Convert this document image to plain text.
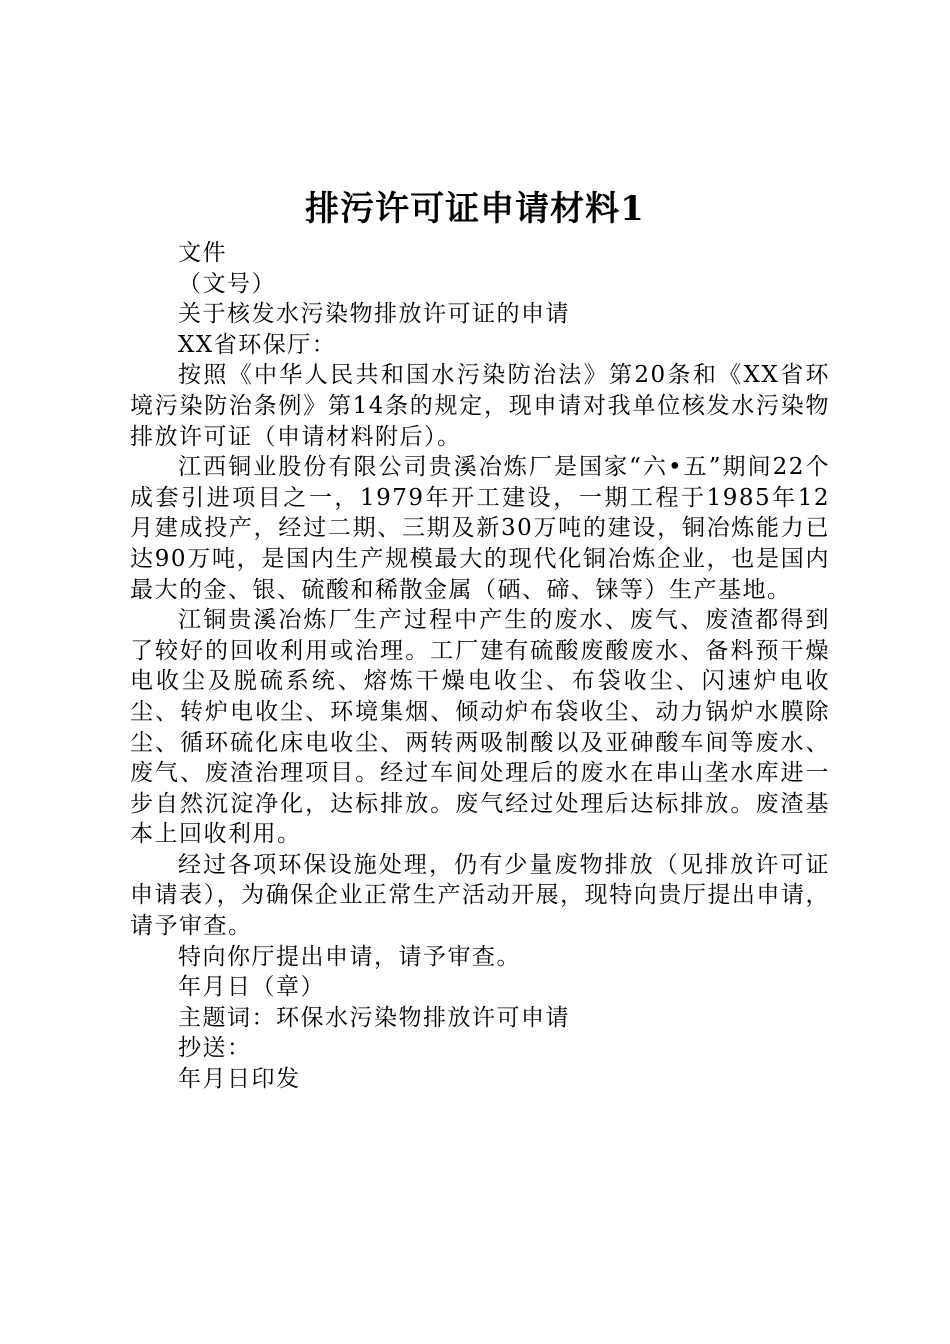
排污许可证申请材料1

文件

（文号）

关于核发水污染物排放许可证的申请

XX省环保厅：

按照《中华人民共和国水污染防治法》第20条和《XX省环境污染防治条例》第14条的规定，现申请对我单位核发水污染物排放许可证（申请材料附后）。

江西铜业股份有限公司贵溪冶炼厂是国家“六•五”期间22个成套引进项目之一，1979年开工建设，一期工程于1985年12月建成投产，经过二期、三期及新30万吨的建设，铜冶炼能力已达90万吨，是国内生产规模最大的现代化铜冶炼企业，也是国内最大的金、银、硫酸和稀散金属（硒、碲、铼等）生产基地。

江铜贵溪冶炼厂生产过程中产生的废水、废气、废渣都得到了较好的回收利用或治理。工厂建有硫酸废酸废水、备料预干燥电收尘及脱硫系统、熔炼干燥电收尘、布袋收尘、闪速炉电收尘、转炉电收尘、环境集烟、倾动炉布袋收尘、动力锅炉水膜除尘、循环硫化床电收尘、两转两吸制酸以及亚砷酸车间等废水、废气、废渣治理项目。经过车间处理后的废水在串山垄水库进一步自然沉淀净化，达标排放。废气经过处理后达标排放。废渣基本上回收利用。

经过各项环保设施处理，仍有少量废物排放（见排放许可证申请表），为确保企业正常生产活动开展，现特向贵厅提出申请，请予审查。

特向你厅提出申请，请予审查。

年月日（章）

主题词：环保水污染物排放许可申请

抄送：

年月日印发
